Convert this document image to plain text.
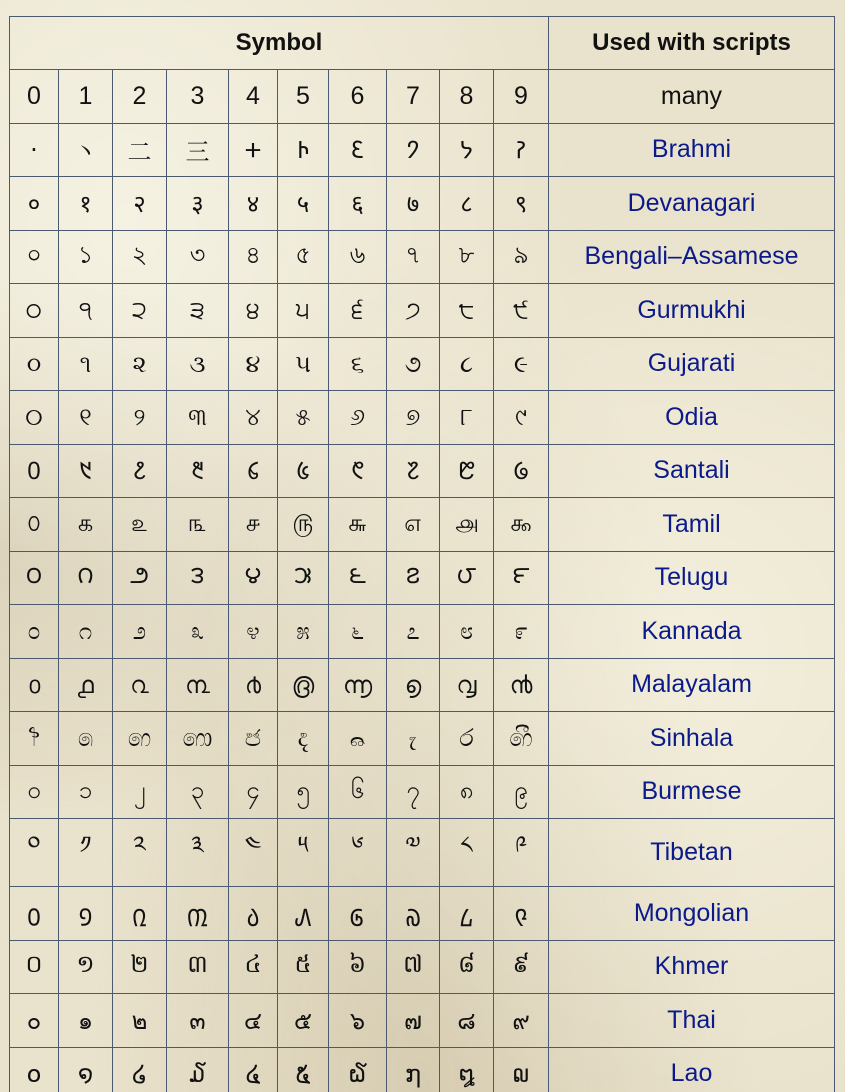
Symbol										Used with scripts
0	1	2	3	4	5	6	7	8	9	many
·	⼂	二	三	𑁕	𑁖	𑁗	𑁘	𑁙	𑁚	Brahmi
०	१	२	३	४	५	६	७	८	९	Devanagari
০	১	২	৩	৪	৫	৬	৭	৮	৯	Bengali–Assamese
੦	੧	੨	੩	੪	੫	੬	੭	੮	੯	Gurmukhi
૦	૧	૨	૩	૪	૫	૬	૭	૮	૯	Gujarati
୦	୧	୨	୩	୪	୫	୬	୭	୮	୯	Odia
᱐	᱑	᱒	᱓	᱔	᱕	᱖	᱗	᱘	᱙	Santali
௦	௧	௨	௩	௪	௫	௬	௭	௮	௯	Tamil
౦	౧	౨	౩	౪	౫	౬	౭	౮	౯	Telugu
೦	೧	೨	೩	೪	೫	೬	೭	೮	೯	Kannada
൦	൧	൨	൩	൪	൫	൬	൭	൮	൯	Malayalam
෦	෧	෨	෩	෪	෫	෬	෭	෮	෯	Sinhala
၀	၁	၂	၃	၄	၅	၆	၇	၈	၉	Burmese
༠	༡	༢	༣	༤	༥	༦	༧	༨	༩	Tibetan
᠐	᠑	᠒	᠓	᠔	᠕	᠖	᠗	᠘	᠙	Mongolian
០	១	២	៣	៤	៥	៦	៧	៨	៩	Khmer
๐	๑	๒	๓	๔	๕	๖	๗	๘	๙	Thai
໐	໑	໒	໓	໔	໕	໖	໗	໘	໙	Lao
